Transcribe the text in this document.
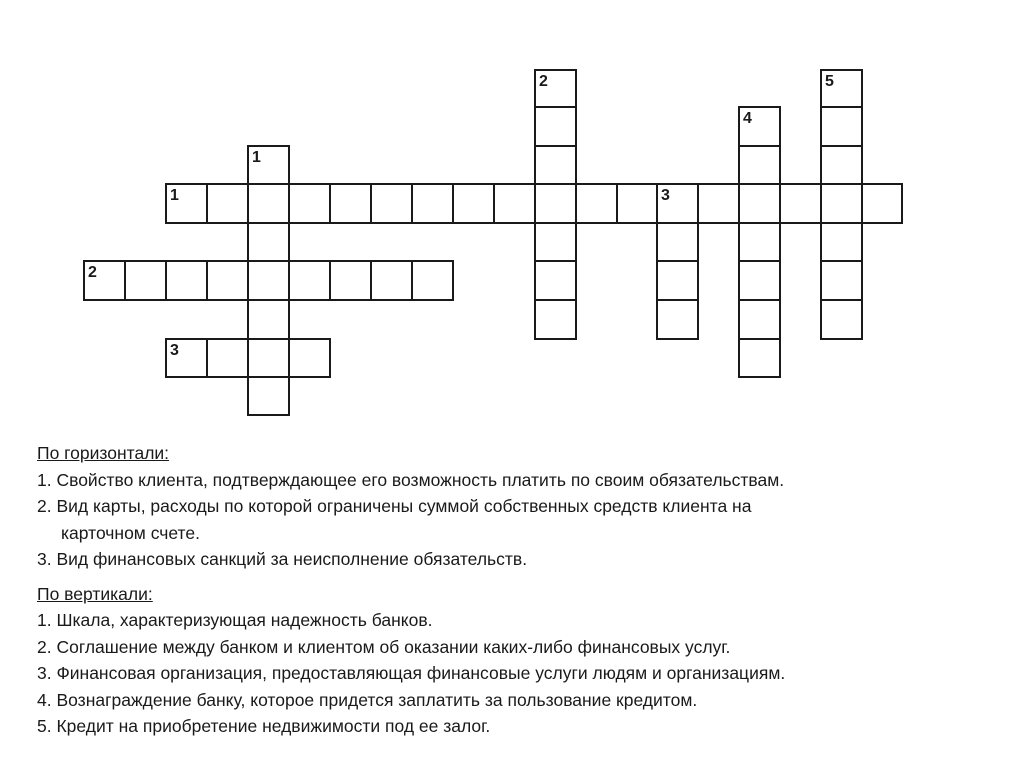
1	3
2
3
1
2
4
5
По горизонтали:
1. Свойство клиента, подтверждающее его возможность платить по своим обязательствам.
2. Вид карты, расходы по которой ограничены суммой собственных средств клиента на
карточном счете.
3. Вид финансовых санкций за неисполнение обязательств.
По вертикали:
1. Шкала, характеризующая надежность банков.
2. Соглашение между банком и клиентом об оказании каких-либо финансовых услуг.
3. Финансовая организация, предоставляющая финансовые услуги людям и организациям.
4. Вознаграждение банку, которое придется заплатить за пользование кредитом.
5. Кредит на приобретение недвижимости под ее залог.
